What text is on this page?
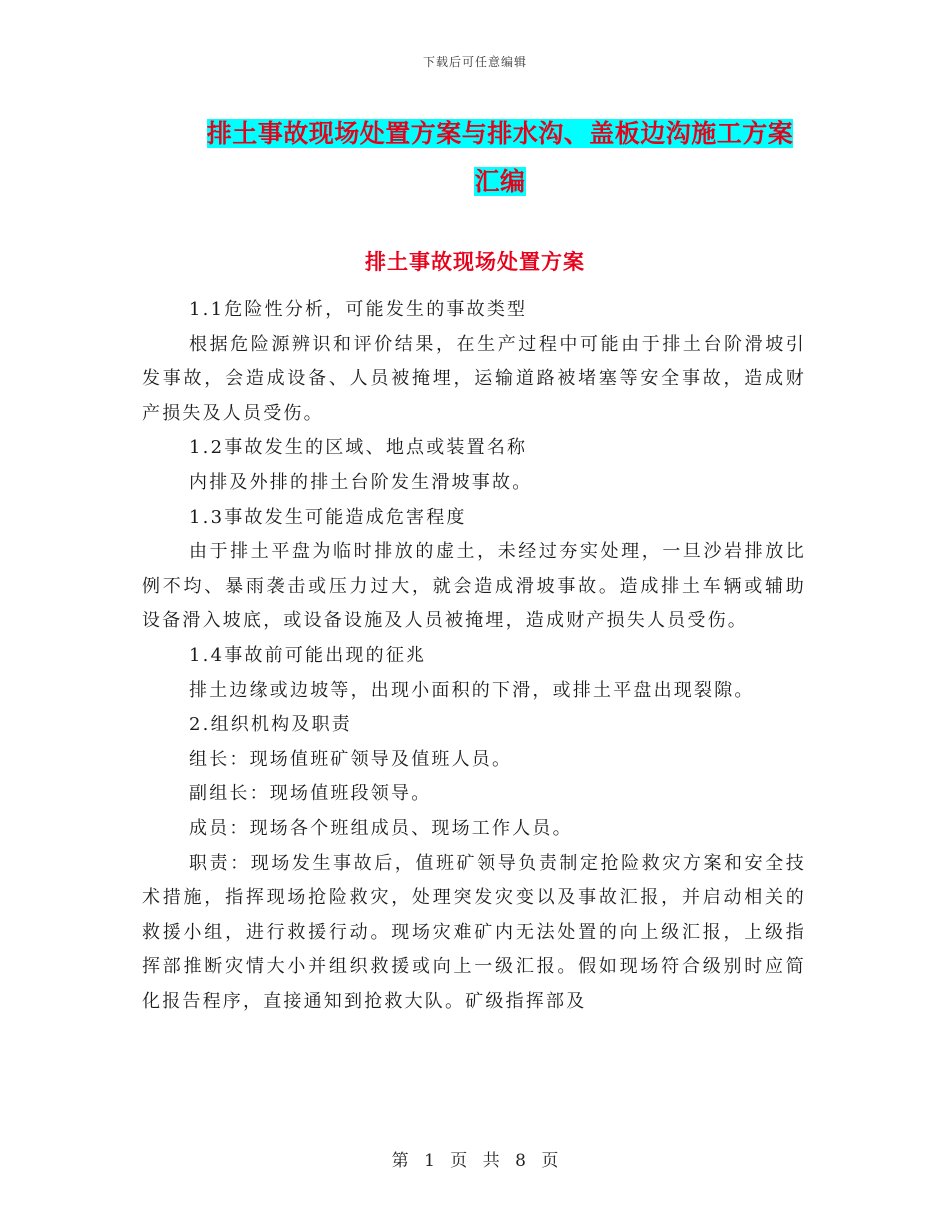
下载后可任意编辑
排土事故现场处置方案与排水沟、盖板边沟施工方案
汇编
排土事故现场处置方案

1.1危险性分析，可能发生的事故类型

根据危险源辨识和评价结果，在生产过程中可能由于排土台阶滑坡引发事故，会造成设备、人员被掩埋，运输道路被堵塞等安全事故，造成财产损失及人员受伤。

1.2事故发生的区域、地点或装置名称

内排及外排的排土台阶发生滑坡事故。

1.3事故发生可能造成危害程度

由于排土平盘为临时排放的虚土，未经过夯实处理，一旦沙岩排放比例不均、暴雨袭击或压力过大，就会造成滑坡事故。造成排土车辆或辅助设备滑入坡底，或设备设施及人员被掩埋，造成财产损失人员受伤。

1.4事故前可能出现的征兆

排土边缘或边坡等，出现小面积的下滑，或排土平盘出现裂隙。

2.组织机构及职责

组长：现场值班矿领导及值班人员。

副组长：现场值班段领导。

成员：现场各个班组成员、现场工作人员。

职责：现场发生事故后，值班矿领导负责制定抢险救灾方案和安全技术措施，指挥现场抢险救灾，处理突发灾变以及事故汇报，并启动相关的救援小组，进行救援行动。现场灾难矿内无法处置的向上级汇报，上级指挥部推断灾情大小并组织救援或向上一级汇报。假如现场符合级别时应简化报告程序，直接通知到抢救大队。矿级指挥部及

第 1 页 共 8 页
